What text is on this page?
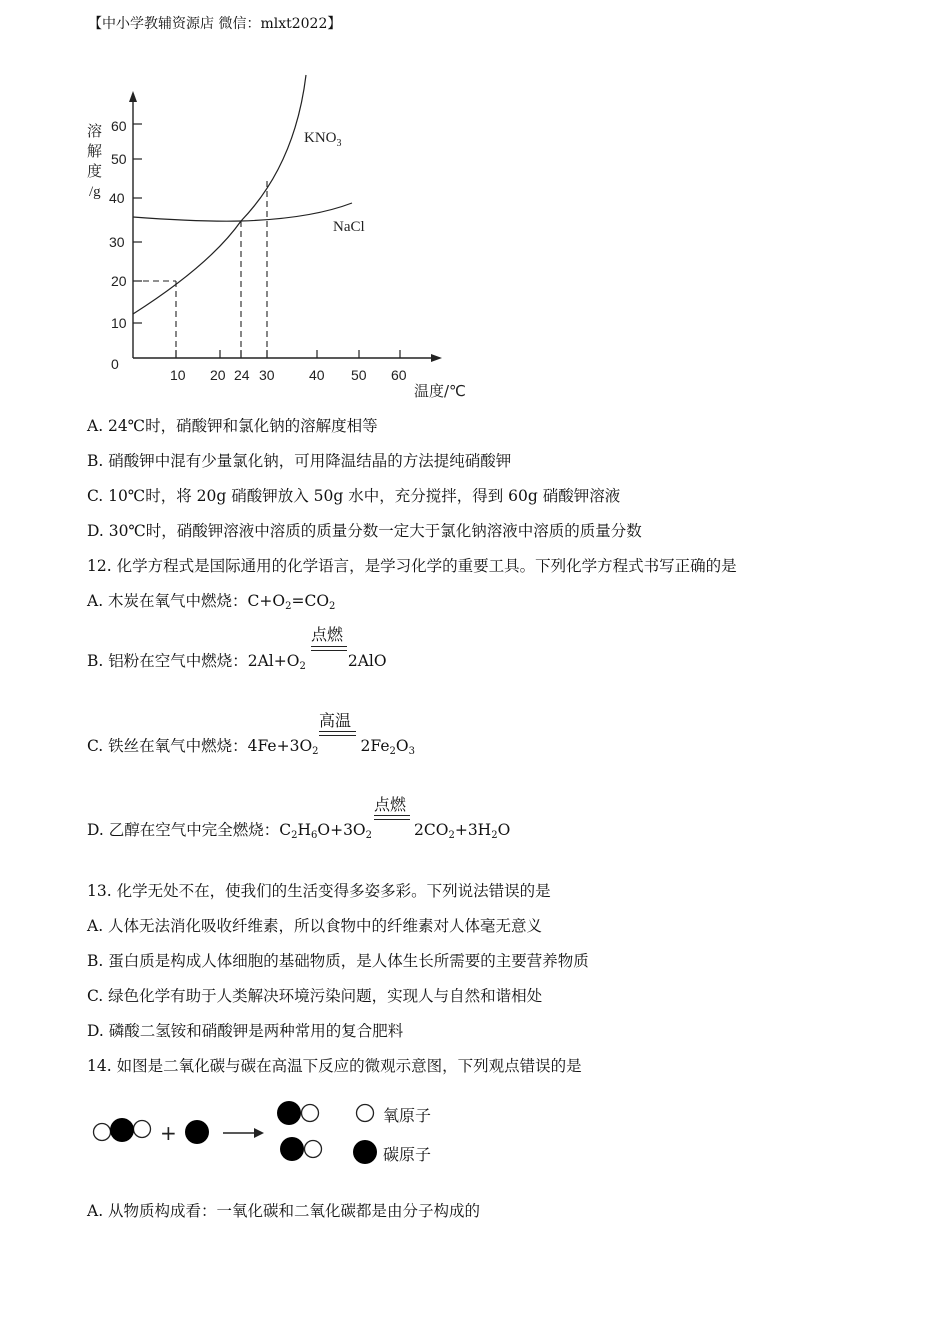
【中小学教辅资源店 微信：mlxt2022】
0
10
20
30
40
50
60
10 20 24 30 40 50 60
溶
解
度
/g
温度/℃
$KNO_3$
NaCl
A. 24℃时，硝酸钾和氯化钠的溶解度相等
B. 硝酸钾中混有少量氯化钠，可用降温结晶的方法提纯硝酸钾
C. 10℃时，将 20g 硝酸钾放入 50g 水中，充分搅拌，得到 60g 硝酸钾溶液
D. 30℃时，硝酸钾溶液中溶质的质量分数一定大于氯化钠溶液中溶质的质量分数
12. 化学方程式是国际通用的化学语言，是学习化学的重要工具。下列化学方程式书写正确的是
A. 木炭在氧气中燃烧：$C+O_2=CO_2$
点燃
B. 铝粉在空气中燃烧：$2Al+O_2$	2AlO
高温
C. 铁丝在氧气中燃烧：$4Fe+3O_2$	$2Fe_2O_3$
点燃
D. 乙醇在空气中完全燃烧：$C_2H_6O+3O_2$	$2CO_2+3H_2O$
13. 化学无处不在，使我们的生活变得多姿多彩。下列说法错误的是
A. 人体无法消化吸收纤维素，所以食物中的纤维素对人体毫无意义
B. 蛋白质是构成人体细胞的基础物质，是人体生长所需要的主要营养物质
C. 绿色化学有助于人类解决环境污染问题，实现人与自然和谐相处
D. 磷酸二氢铵和硝酸钾是两种常用的复合肥料
14. 如图是二氧化碳与碳在高温下反应的微观示意图，下列观点错误的是
+
氧原子
碳原子
A. 从物质构成看：一氧化碳和二氧化碳都是由分子构成的
